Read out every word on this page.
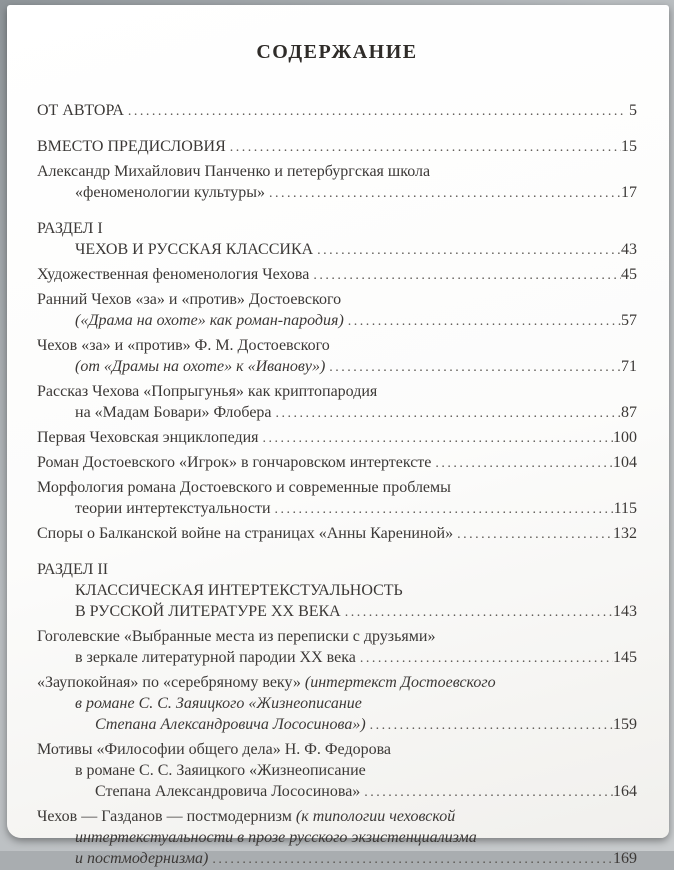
СОДЕРЖАНИЕ
ОТ АВТОРА .....	5
ВМЕСТО ПРЕДИСЛОВИЯ .....	15
Александр Михайлович Панченко и петербургская школа
«феноменологии культуры» .....	17
РАЗДЕЛ I
ЧЕХОВ И РУССКАЯ КЛАССИКА .....	43
Художественная феноменология Чехова .....	45
Ранний Чехов «за» и «против» Достоевского
(«Драма на охоте» как роман-пародия) .....	57
Чехов «за» и «против» Ф. М. Достоевского
(от «Драмы на охоте» к «Иванову») .....	71
Рассказ Чехова «Попрыгунья» как криптопародия
на «Мадам Бовари» Флобера .....	87
Первая Чеховская энциклопедия .....	100
Роман Достоевского «Игрок» в гончаровском интертексте .....	104
Морфология романа Достоевского и современные проблемы
теории интертекстуальности .....	115
Споры о Балканской войне на страницах «Анны Карениной» .....	132
РАЗДЕЛ II
КЛАССИЧЕСКАЯ ИНТЕРТЕКСТУАЛЬНОСТЬ
В РУССКОЙ ЛИТЕРАТУРЕ XX ВЕКА .....	143
Гоголевские «Выбранные места из переписки с друзьями»
в зеркале литературной пародии XX века .....	145
«Заупокойная» по «серебряному веку» (интертекст Достоевского
в романе С. С. Заяицкого «Жизнеописание
Степана Александровича Лососинова») .....	159
Мотивы «Философии общего дела» Н. Ф. Федорова
в романе С. С. Заяицкого «Жизнеописание
Степана Александровича Лососинова» .....	164
Чехов — Газданов — постмодернизм (к типологии чеховской
интертекстуальности в прозе русского экзистенциализма
и постмодернизма) .....	169
